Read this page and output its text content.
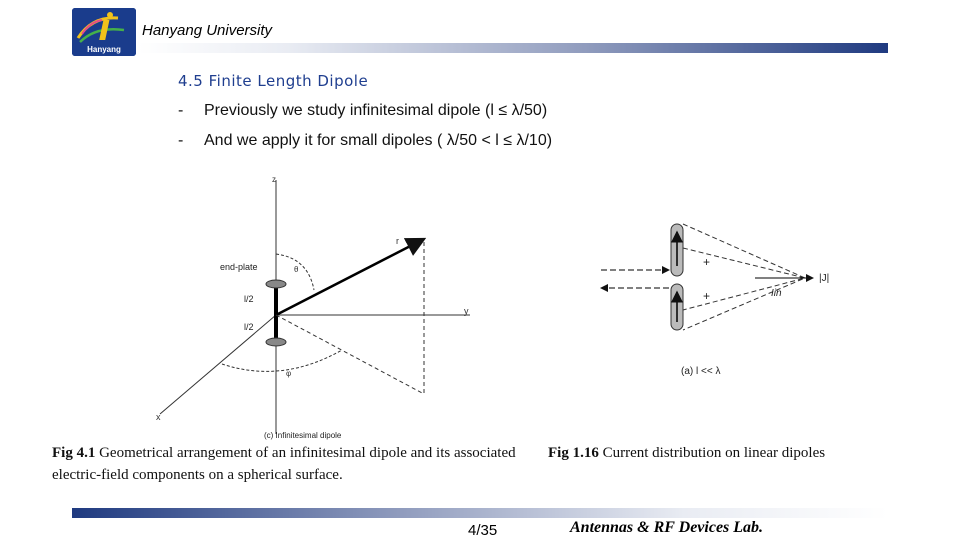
Hanyang
Hanyang University
4.5 Finite Length Dipole
-	Previously we study infinitesimal dipole (l ≤ λ/50)
-	And we apply it for small dipoles ( λ/50 < l ≤ λ/10)
z
y
x
r
θ
φ
end-plate
l/2
l/2
(c) Infinitesimal dipole
+
+
|J|
Iin
(a) l << λ
Fig 4.1 Geometrical arrangement of an infinitesimal dipole and its associated electric-field components on a spherical surface.
Fig 1.16 Current distribution on linear dipoles
4/35	Antennas & RF Devices Lab.
